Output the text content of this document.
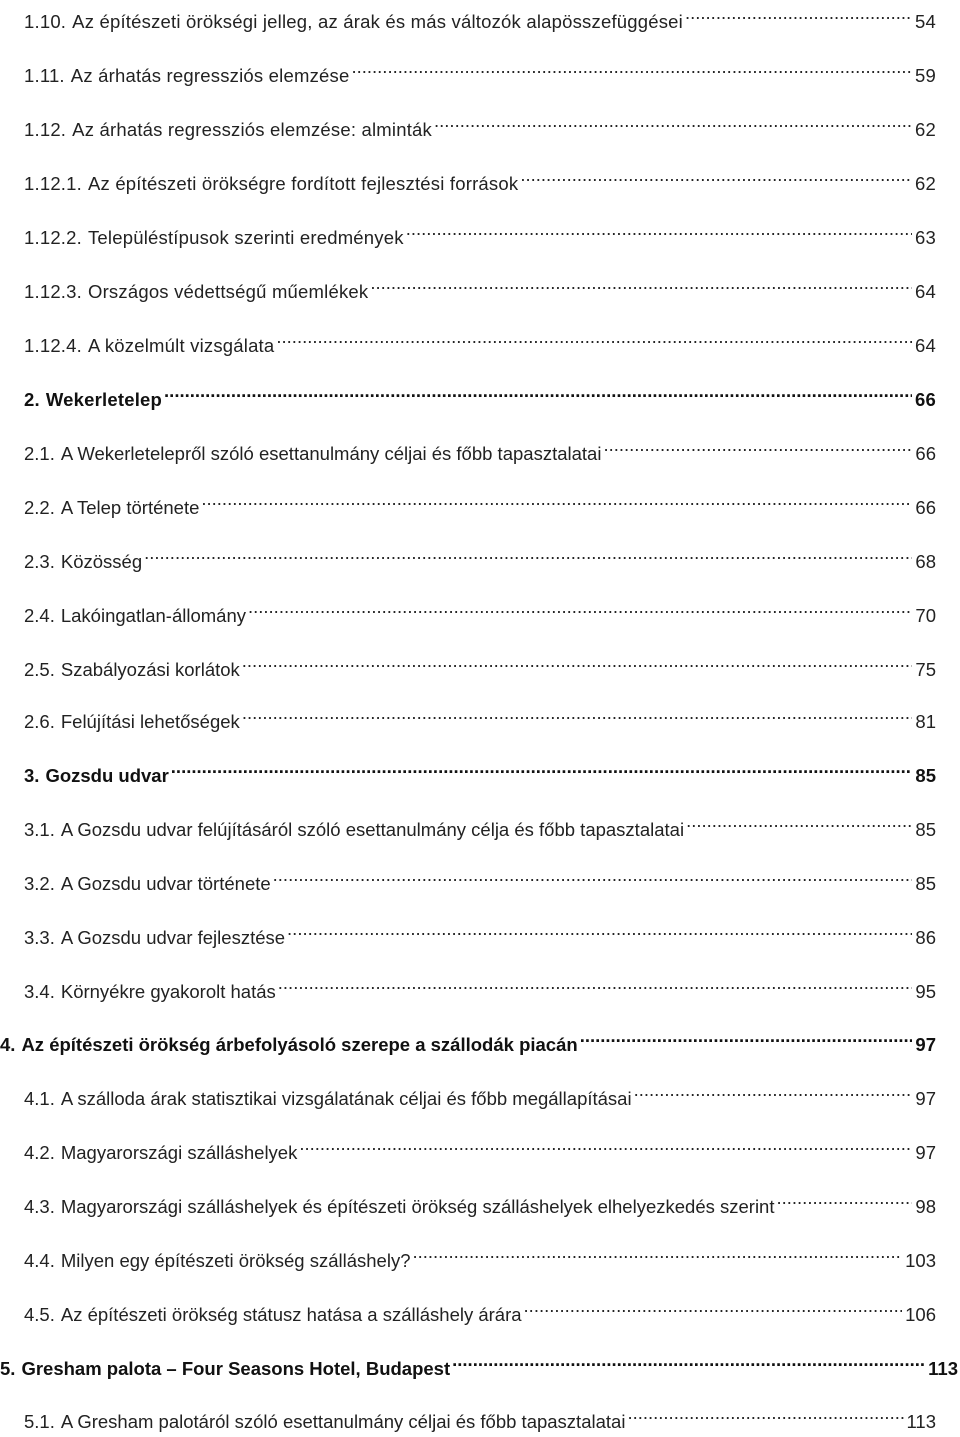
1.10. Az építészeti örökségi jelleg, az árak és más változók alapösszefüggései .....	54
1.11. Az árhatás regressziós elemzése .....	59
1.12. Az árhatás regressziós elemzése: alminták .....	62
1.12.1. Az építészeti örökségre fordított fejlesztési források .....	62
1.12.2. Településtípusok szerinti eredmények .....	63
1.12.3. Országos védettségű műemlékek .....	64
1.12.4. A közelmúlt vizsgálata .....	64
2. Wekerletelep .....	66
2.1. A Wekerletelepről szóló esettanulmány céljai és főbb tapasztalatai .....	66
2.2. A Telep története .....	66
2.3. Közösség .....	68
2.4. Lakóingatlan-állomány .....	70
2.5. Szabályozási korlátok .....	75
2.6. Felújítási lehetőségek .....	81
3. Gozsdu udvar .....	85
3.1. A Gozsdu udvar felújításáról szóló esettanulmány célja és főbb tapasztalatai .....	85
3.2. A Gozsdu udvar története .....	85
3.3. A Gozsdu udvar fejlesztése .....	86
3.4. Környékre gyakorolt hatás .....	95
4. Az építészeti örökség árbefolyásoló szerepe a szállodák piacán .....	97
4.1. A szálloda árak statisztikai vizsgálatának céljai és főbb megállapításai .....	97
4.2. Magyarországi szálláshelyek .....	97
4.3. Magyarországi szálláshelyek és építészeti örökség szálláshelyek elhelyezkedés szerint .....	98
4.4. Milyen egy építészeti örökség szálláshely? .....	103
4.5. Az építészeti örökség státusz hatása a szálláshely árára .....	106
5. Gresham palota – Four Seasons Hotel, Budapest .....	113
5.1. A Gresham palotáról szóló esettanulmány céljai és főbb tapasztalatai .....	113
